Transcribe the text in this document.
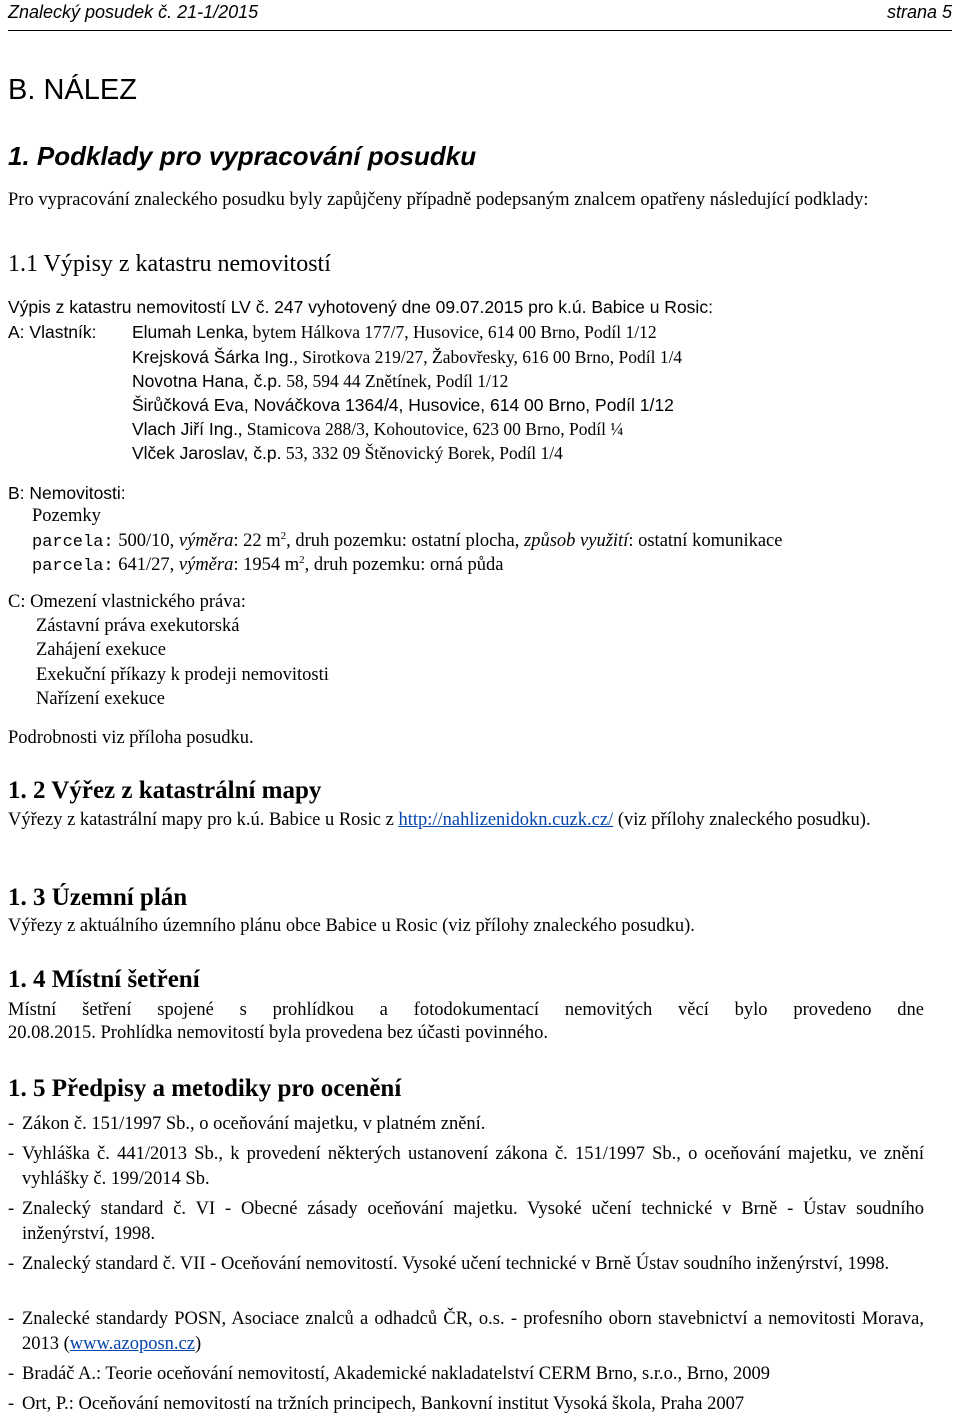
Znalecký posudek č. 21-1/2015	strana 5
B. NÁLEZ
1. Podklady pro vypracování posudku
Pro vypracování znaleckého posudku byly zapůjčeny případně podepsaným znalcem opatřeny následující podklady:
1.1 Výpisy z katastru nemovitostí
Výpis z katastru nemovitostí LV č. 247 vyhotovený dne 09.07.2015 pro k.ú. Babice u Rosic:
A: Vlastník: Elumah Lenka, bytem Hálkova 177/7, Husovice, 614 00 Brno, Podíl 1/12
Krejsková Šárka Ing., Sirotkova 219/27, Žabovřesky, 616 00 Brno, Podíl 1/4
Novotna Hana, č.p. 58, 594 44 Znětínek, Podíl 1/12
Širůčková Eva, Nováčkova 1364/4, Husovice, 614 00 Brno, Podíl 1/12
Vlach Jiří Ing., Stamicova 288/3, Kohoutovice, 623 00 Brno, Podíl ¼
Vlček Jaroslav, č.p. 53, 332 09 Štěnovický Borek, Podíl 1/4
B: Nemovitosti:
Pozemky
parcela: 500/10, výměra: 22 $m^2$, druh pozemku: ostatní plocha, způsob využití: ostatní komunikace
parcela: 641/27, výměra: 1954 $m^2$, druh pozemku: orná půda
C: Omezení vlastnického práva:
Zástavní práva exekutorská
Zahájení exekuce
Exekuční příkazy k prodeji nemovitosti
Nařízení exekuce
Podrobnosti viz příloha posudku.
1. 2 Výřez z katastrální mapy
Výřezy z katastrální mapy pro k.ú. Babice u Rosic z http://nahlizenidokn.cuzk.cz/ (viz přílohy znaleckého posudku).
1. 3 Územní plán
Výřezy z aktuálního územního plánu obce Babice u Rosic (viz přílohy znaleckého posudku).
1. 4 Místní šetření
Místní šetření spojené s prohlídkou a fotodokumentací nemovitých věcí bylo provedeno dne
20.08.2015. Prohlídka nemovitostí byla provedena bez účasti povinného.
1. 5 Předpisy a metodiky pro ocenění
- Zákon č. 151/1997 Sb., o oceňování majetku, v platném znění.
- Vyhláška č. 441/2013 Sb., k provedení některých ustanovení zákona č. 151/1997 Sb., o oceňování majetku, ve znění vyhlášky č. 199/2014 Sb.
- Znalecký standard č. VI - Obecné zásady oceňování majetku. Vysoké učení technické v Brně - Ústav soudního inženýrství, 1998.
- Znalecký standard č. VII - Oceňování nemovitostí. Vysoké učení technické v Brně Ústav soudního inženýrství, 1998.
- Znalecké standardy POSN, Asociace znalců a odhadců ČR, o.s. - profesního oborn stavebnictví a nemovitosti Morava, 2013 (www.azoposn.cz)
- Bradáč A.: Teorie oceňování nemovitostí, Akademické nakladatelství CERM Brno, s.r.o., Brno, 2009
- Ort, P.: Oceňování nemovitostí na tržních principech, Bankovní institut Vysoká škola, Praha 2007
